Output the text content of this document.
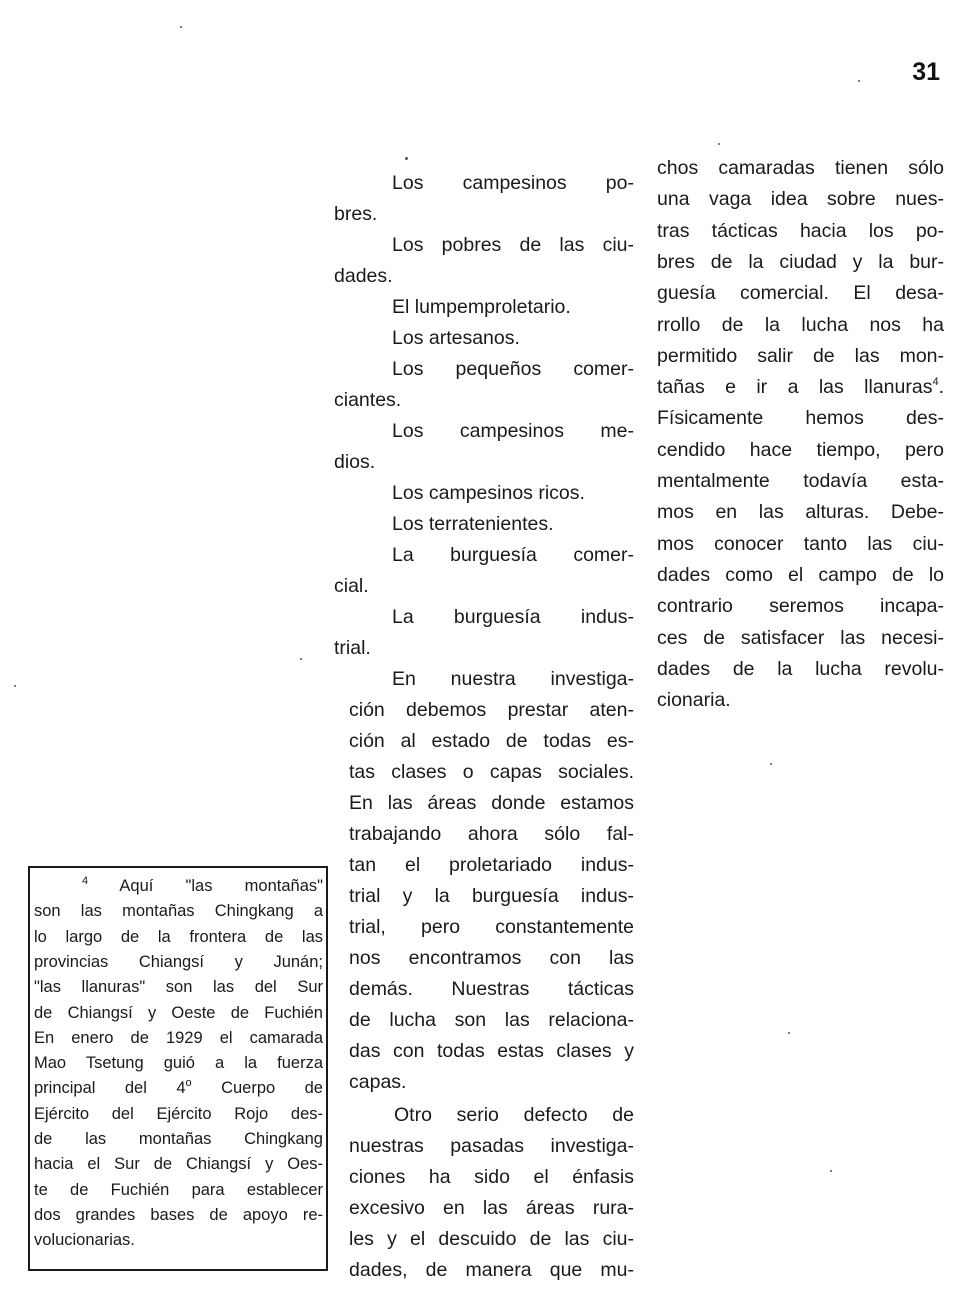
31
Los campesinos po-
bres.
Los pobres de las ciu-
dades.
El lumpemproletario.
Los artesanos.
Los pequeños comer-
ciantes.
Los campesinos me-
dios.
Los campesinos ricos.
Los terratenientes.
La burguesía comer-
cial.
La burguesía indus-
trial.
En nuestra investiga-
ción debemos prestar aten-
ción al estado de todas es-
tas clases o capas sociales.
En las áreas donde estamos
trabajando ahora sólo fal-
tan el proletariado indus-
trial y la burguesía indus-
trial, pero constantemente
nos encontramos con las
demás. Nuestras tácticas
de lucha son las relaciona-
das con todas estas clases y
capas.
Otro serio defecto de
nuestras pasadas investiga-
ciones ha sido el énfasis
excesivo en las áreas rura-
les y el descuido de las ciu-
dades, de manera que mu-
chos camaradas tienen sólo
una vaga idea sobre nues-
tras tácticas hacia los po-
bres de la ciudad y la bur-
guesía comercial. El desa-
rrollo de la lucha nos ha
permitido salir de las mon-
tañas e ir a las llanuras$^4$.
Físicamente hemos des-
cendido hace tiempo, pero
mentalmente todavía esta-
mos en las alturas. Debe-
mos conocer tanto las ciu-
dades como el campo de lo
contrario seremos incapa-
ces de satisfacer las necesi-
dades de la lucha revolu-
cionaria.
$^4$ Aquí "las montañas"
son las montañas Chingkang a
lo largo de la frontera de las
provincias Chiangsí y Junán;
"las llanuras" son las del Sur
de Chiangsí y Oeste de Fuchién
En enero de 1929 el camarada
Mao Tsetung guió a la fuerza
principal del 4$^o$ Cuerpo de
Ejército del Ejército Rojo des-
de las montañas Chingkang
hacia el Sur de Chiangsí y Oes-
te de Fuchién para establecer
dos grandes bases de apoyo re-
volucionarias.
